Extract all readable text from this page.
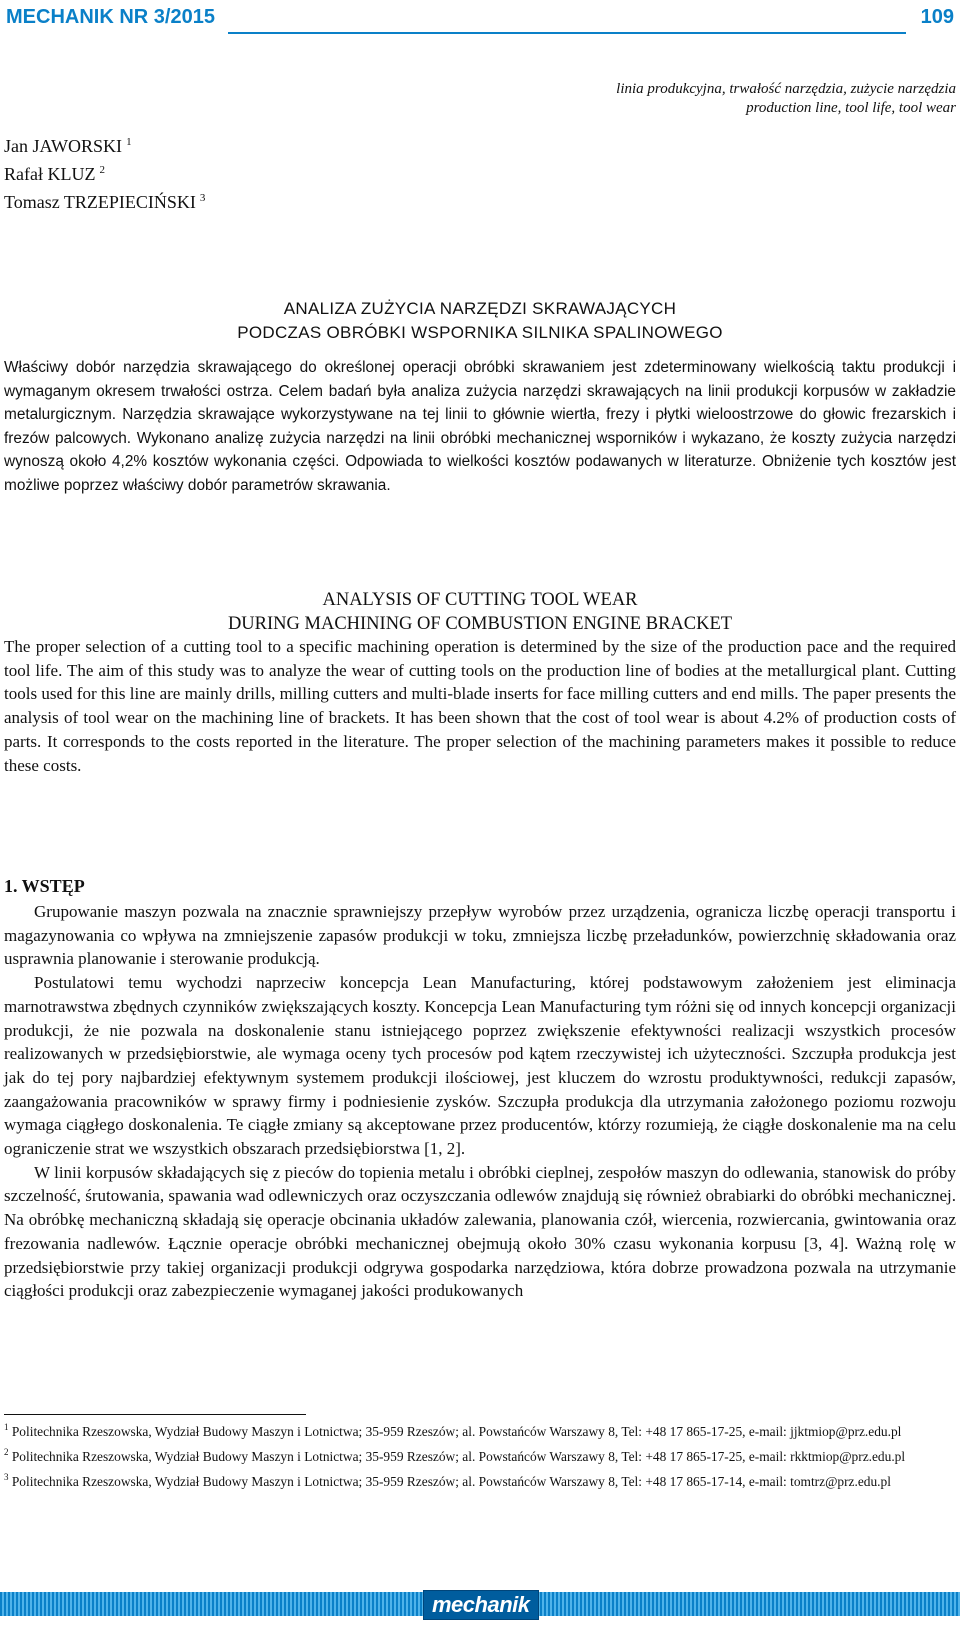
MECHANIK NR 3/2015	109
linia produkcyjna, trwałość narzędzia, zużycie narzędzia
production line, tool life, tool wear
Jan JAWORSKI $^1$
Rafał KLUZ $^2$
Tomasz TRZEPIECIŃSKI $^3$
ANALIZA ZUŻYCIA NARZĘDZI SKRAWAJĄCYCH
PODCZAS OBRÓBKI WSPORNIKA SILNIKA SPALINOWEGO
Właściwy dobór narzędzia skrawającego do określonej operacji obróbki skrawaniem jest zdeterminowany wielkością taktu produkcji i wymaganym okresem trwałości ostrza. Celem badań była analiza zużycia narzędzi skrawających na linii produkcji korpusów w zakładzie metalurgicznym. Narzędzia skrawające wykorzystywane na tej linii to głównie wiertła, frezy i płytki wieloostrzowe do głowic frezarskich i frezów palcowych. Wykonano analizę zużycia narzędzi na linii obróbki mechanicznej wsporników i wykazano, że koszty zużycia narzędzi wynoszą około 4,2% kosztów wykonania części. Odpowiada to wielkości kosztów podawanych w literaturze. Obniżenie tych kosztów jest możliwe poprzez właściwy dobór parametrów skrawania.
ANALYSIS OF CUTTING TOOL WEAR
DURING MACHINING OF COMBUSTION ENGINE BRACKET
The proper selection of a cutting tool to a specific machining operation is determined by the size of the production pace and the required tool life. The aim of this study was to analyze the wear of cutting tools on the production line of bodies at the metallurgical plant. Cutting tools used for this line are mainly drills, milling cutters and multi-blade inserts for face milling cutters and end mills. The paper presents the analysis of tool wear on the machining line of brackets. It has been shown that the cost of tool wear is about 4.2% of production costs of parts. It corresponds to the costs reported in the literature. The proper selection of the machining parameters makes it possible to reduce these costs.
1. WSTĘP

Grupowanie maszyn pozwala na znacznie sprawniejszy przepływ wyrobów przez urządzenia, ogranicza liczbę operacji transportu i magazynowania co wpływa na zmniejszenie zapasów produkcji w toku, zmniejsza liczbę przeładunków, powierzchnię składowania oraz usprawnia planowanie i sterowanie produkcją.

Postulatowi temu wychodzi naprzeciw koncepcja Lean Manufacturing, której podstawowym założeniem jest eliminacja marnotrawstwa zbędnych czynników zwiększających koszty. Koncepcja Lean Manufacturing tym różni się od innych koncepcji organizacji produkcji, że nie pozwala na doskonalenie stanu istniejącego poprzez zwiększenie efektywności realizacji wszystkich procesów realizowanych w przedsiębiorstwie, ale wymaga oceny tych procesów pod kątem rzeczywistej ich użyteczności. Szczupła produkcja jest jak do tej pory najbardziej efektywnym systemem produkcji ilościowej, jest kluczem do wzrostu produktywności, redukcji zapasów, zaangażowania pracowników w sprawy firmy i podniesienie zysków. Szczupła produkcja dla utrzymania założonego poziomu rozwoju wymaga ciągłego doskonalenia. Te ciągłe zmiany są akceptowane przez producentów, którzy rozumieją, że ciągłe doskonalenie ma na celu ograniczenie strat we wszystkich obszarach przedsiębiorstwa [1, 2].

W linii korpusów składających się z pieców do topienia metalu i obróbki cieplnej, zespołów maszyn do odlewania, stanowisk do próby szczelność, śrutowania, spawania wad odlewniczych oraz oczyszczania odlewów znajdują się również obrabiarki do obróbki mechanicznej. Na obróbkę mechaniczną składają się operacje obcinania układów zalewania, planowania czół, wiercenia, rozwiercania, gwintowania oraz frezowania nadlewów. Łącznie operacje obróbki mechanicznej obejmują około 30% czasu wykonania korpusu [3, 4]. Ważną rolę w przedsiębiorstwie przy takiej organizacji produkcji odgrywa gospodarka narzędziowa, która dobrze prowadzona pozwala na utrzymanie ciągłości produkcji oraz zabezpieczenie wymaganej jakości produkowanych

$^1$ Politechnika Rzeszowska, Wydział Budowy Maszyn i Lotnictwa; 35-959 Rzeszów; al. Powstańców Warszawy 8, Tel: +48 17 865-17-25, e-mail: jjktmiop@prz.edu.pl

$^2$ Politechnika Rzeszowska, Wydział Budowy Maszyn i Lotnictwa; 35-959 Rzeszów; al. Powstańców Warszawy 8, Tel: +48 17 865-17-25, e-mail: rkktmiop@prz.edu.pl

$^3$ Politechnika Rzeszowska, Wydział Budowy Maszyn i Lotnictwa; 35-959 Rzeszów; al. Powstańców Warszawy 8, Tel: +48 17 865-17-14, e-mail: tomtrz@prz.edu.pl

mechanik
